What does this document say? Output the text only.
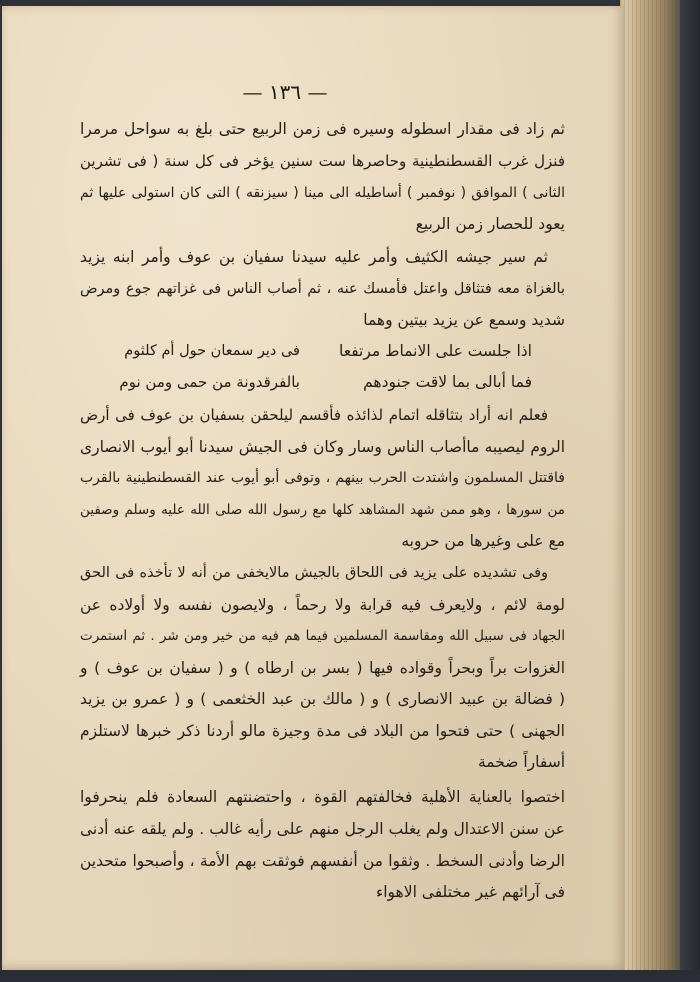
— ١٣٦ —
ثم زاد فى مقدار اسطوله وسيره فى زمن الربيع حتى بلغ به سواحل مرمرا
فنزل غرب القسطنطينية وحاصرها ست سنين يؤخر فى كل سنة ( فى تشرين
الثانى ) الموافق ( نوفمبر ) أساطيله الى مينا ( سيزنقه ) التى كان استولى عليها ثم
يعود للحصار زمن الربيع
ثم سير جيشه الكثيف وأمر عليه سيدنا سفيان بن عوف وأمر ابنه يزيد
بالغزاة معه فتثاقل واعتل فأمسك عنه ، ثم أصاب الناس فى غزاتهم جوع ومرض
شديد وسمع عن يزيد بيتين وهما
اذا جلست على الانماط مرتفعا
فى دير سمعان حول أم كلثوم
فما أبالى بما لاقت جنودهم
بالفرقدونة من حمى ومن نوم
فعلم انه أراد بتثاقله اتمام لذائذه فأقسم ليلحقن بسفيان بن عوف فى أرض
الروم ليصيبه ماأصاب الناس وسار وكان فى الجيش سيدنا أبو أيوب الانصارى
فاقتتل المسلمون واشتدت الحرب بينهم ، وتوفى أبو أيوب عند القسطنطينية بالقرب
من سورها ، وهو ممن شهد المشاهد كلها مع رسول الله صلى الله عليه وسلم وصفين
مع على وغيرها من حروبه
وفى تشديده على يزيد فى اللحاق بالجيش مالايخفى من أنه لا تأخذه فى الحق
لومة لائم ، ولايعرف فيه قرابة ولا رحماً ، ولايصون نفسه ولا أولاده عن
الجهاد فى سبيل الله ومقاسمة المسلمين فيما هم فيه من خير ومن شر . ثم استمرت
الغزوات براً وبحراً وقواده فيها ( بسر بن ارطاه ) و ( سفيان بن عوف ) و
( فضالة بن عبيد الانصارى ) و ( مالك بن عبد الخثعمى ) و ( عمرو بن يزيد
الجهنى ) حتى فتحوا من البلاد فى مدة وجيزة مالو أردنا ذكر خبرها لاستلزم
أسفاراً ضخمة
اختصوا بالعناية الأهلية فخالفتهم القوة ، واحتضنتهم السعادة فلم ينحرفوا
عن سنن الاعتدال ولم يغلب الرجل منهم على رأيه غالب . ولم يلقه عنه أدنى
الرضا وأدنى السخط . وثقوا من أنفسهم فوثقت بهم الأمة ، وأصبحوا متحدين
فى آرائهم غير مختلفى الاهواء
